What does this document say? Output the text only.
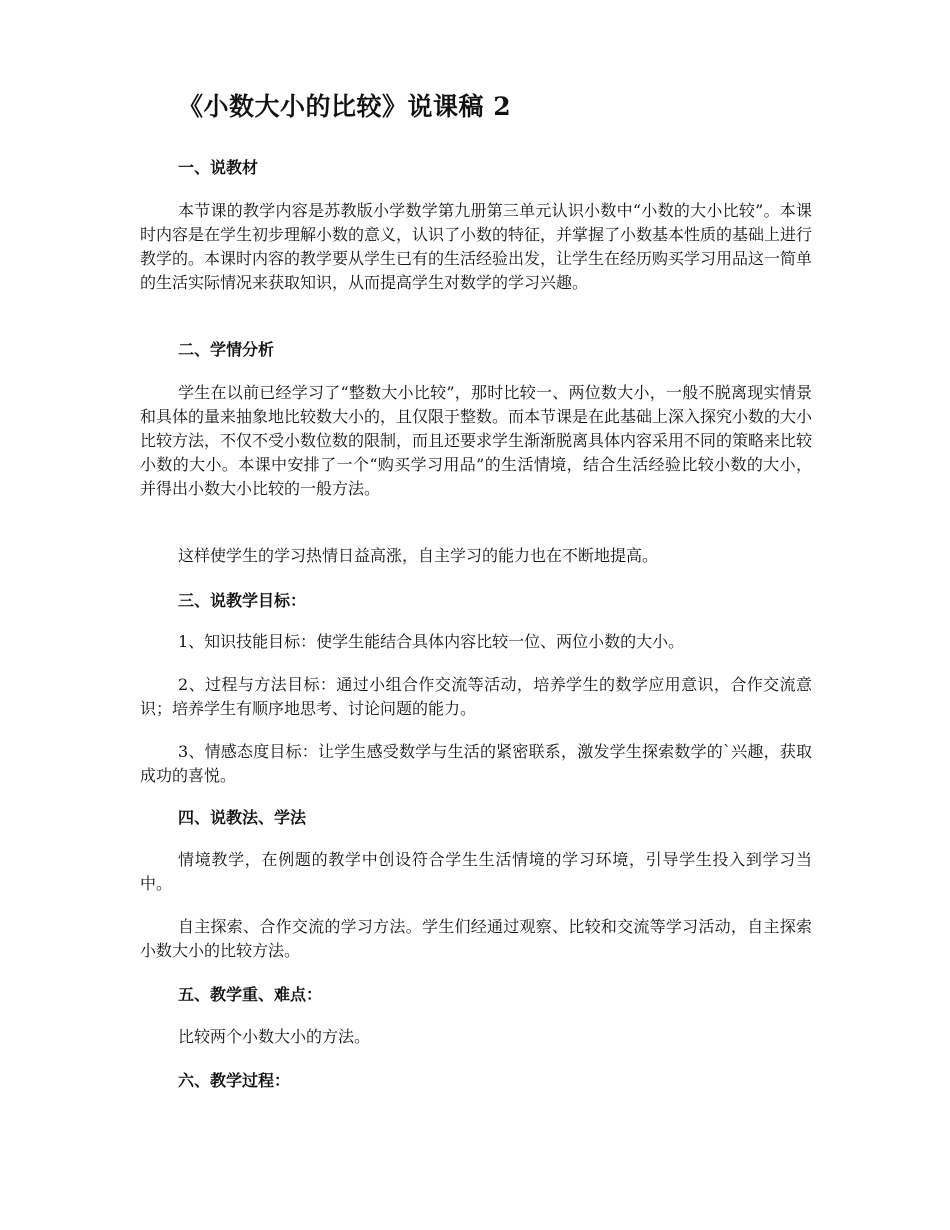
《小数大小的比较》说课稿 2
一、说教材

本节课的教学内容是苏教版小学数学第九册第三单元认识小数中“小数的大小比较”。本课时内容是在学生初步理解小数的意义，认识了小数的特征，并掌握了小数基本性质的基础上进行教学的。本课时内容的教学要从学生已有的生活经验出发，让学生在经历购买学习用品这一简单的生活实际情况来获取知识，从而提高学生对数学的学习兴趣。

二、学情分析

学生在以前已经学习了“整数大小比较”，那时比较一、两位数大小，一般不脱离现实情景和具体的量来抽象地比较数大小的，且仅限于整数。而本节课是在此基础上深入探究小数的大小比较方法，不仅不受小数位数的限制，而且还要求学生渐渐脱离具体内容采用不同的策略来比较小数的大小。本课中安排了一个“购买学习用品”的生活情境，结合生活经验比较小数的大小，并得出小数大小比较的一般方法。

这样使学生的学习热情日益高涨，自主学习的能力也在不断地提高。
三、说教学目标：
1、知识技能目标：使学生能结合具体内容比较一位、两位小数的大小。

2、过程与方法目标：通过小组合作交流等活动，培养学生的数学应用意识，合作交流意识；培养学生有顺序地思考、讨论问题的能力。

3、情感态度目标：让学生感受数学与生活的紧密联系，激发学生探索数学的`兴趣，获取成功的喜悦。

四、说教法、学法

情境教学，在例题的教学中创设符合学生生活情境的学习环境，引导学生投入到学习当中。

自主探索、合作交流的学习方法。学生们经通过观察、比较和交流等学习活动，自主探索小数大小的比较方法。

五、教学重、难点：
比较两个小数大小的方法。
六、教学过程：
